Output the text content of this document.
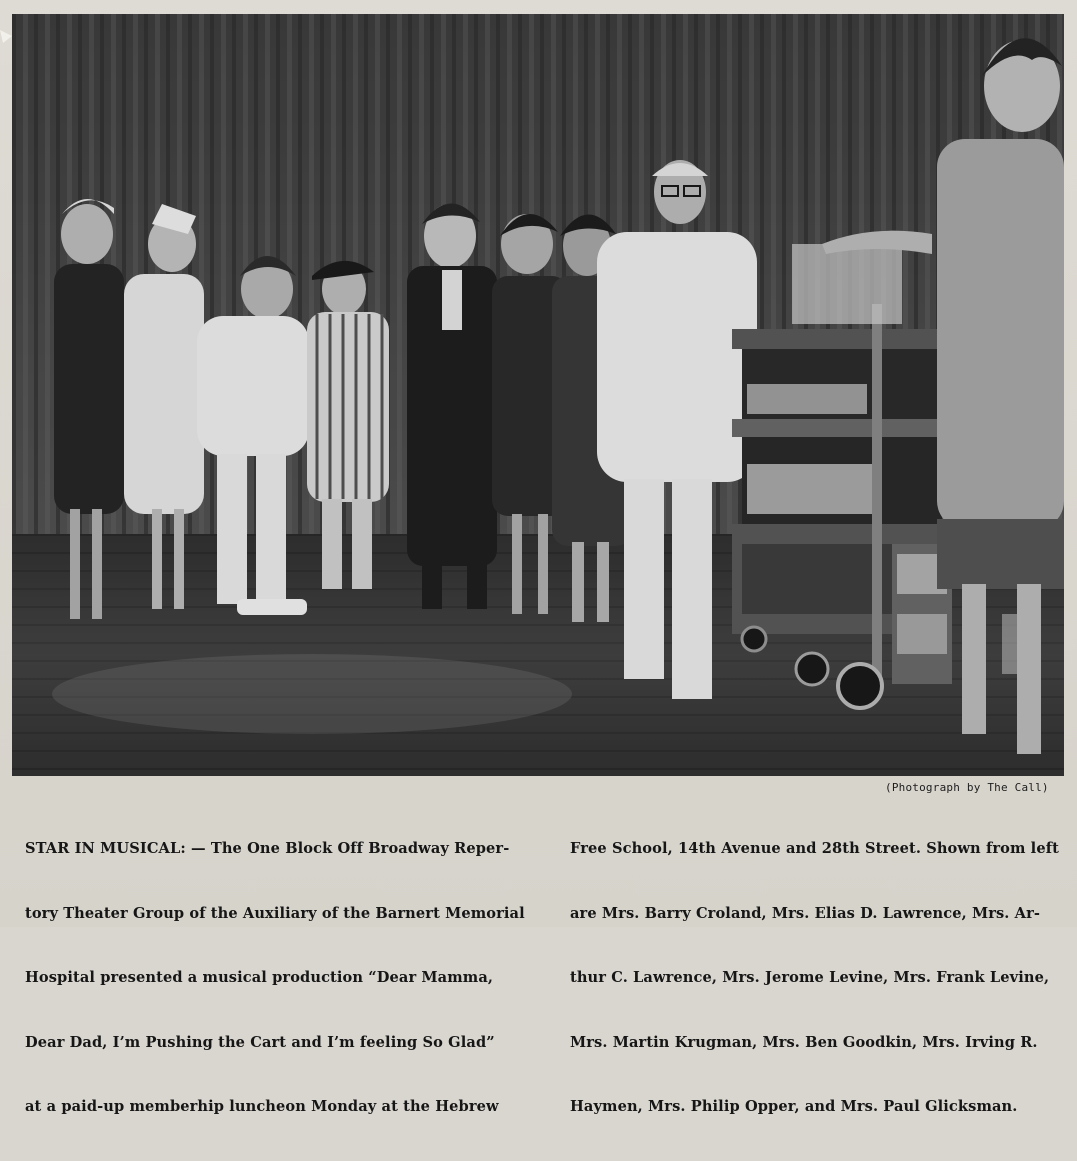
(Photograph by The Call)

STAR IN MUSICAL: — The One Block Off Broadway Reper-

tory Theater Group of the Auxiliary of the Barnert Memorial

Hospital presented a musical production “Dear Mamma,

Dear Dad, I’m Pushing the Cart and I’m feeling So Glad”

at a paid-up memberhip luncheon Monday at the Hebrew

Free School, 14th Avenue and 28th Street. Shown from left

are Mrs. Barry Croland, Mrs. Elias D. Lawrence, Mrs. Ar-

thur C. Lawrence, Mrs. Jerome Levine, Mrs. Frank Levine,

Mrs. Martin Krugman, Mrs. Ben Goodkin, Mrs. Irving R.

Haymen, Mrs. Philip Opper, and Mrs. Paul Glicksman.
